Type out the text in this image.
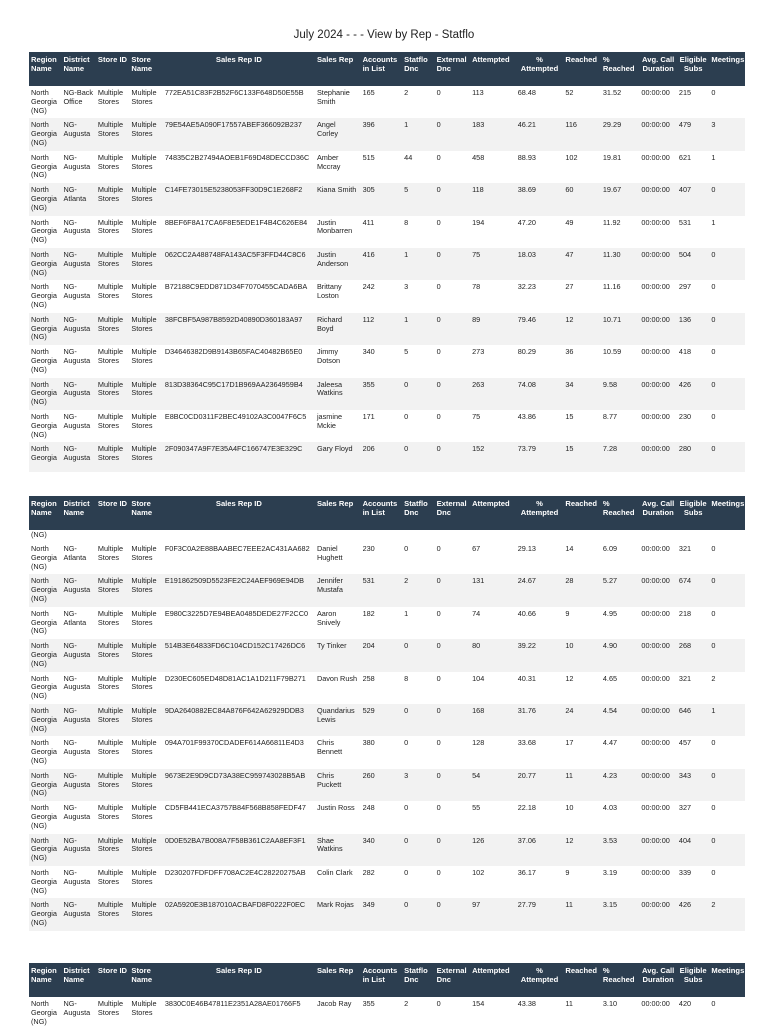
July 2024 - - - View by Rep - Statflo
Region Name	District Name	Store ID	Store Name	Sales Rep ID	Sales Rep	Accounts in List	Statflo Dnc	External Dnc	Attempted	% Attempted	Reached	% Reached	Avg. Call Duration	Eligible Subs	Meetings
North Georgia (NG)	NG-Back Office	Multiple Stores	Multiple Stores	772EA51C83F2B52F6C133F648D50E55B	Stephanie Smith	165	2	0	113	68.48	52	31.52	00:00:00	215	0
North Georgia (NG)	NG-Augusta	Multiple Stores	Multiple Stores	79E54AE5A090F17557ABEF366092B237	Angel Corley	396	1	0	183	46.21	116	29.29	00:00:00	479	3
North Georgia (NG)	NG-Augusta	Multiple Stores	Multiple Stores	74835C2B27494AOEB1F69D48DECCD36C	Amber Mccray	515	44	0	458	88.93	102	19.81	00:00:00	621	1
North Georgia (NG)	NG-Atlanta	Multiple Stores	Multiple Stores	C14FE73015E5238053FF30D9C1E268F2	Kiana Smith	305	5	0	118	38.69	60	19.67	00:00:00	407	0
North Georgia (NG)	NG-Augusta	Multiple Stores	Multiple Stores	8BEF6F8A17CA6F8E5EDE1F4B4C626E84	Justin Monbarren	411	8	0	194	47.20	49	11.92	00:00:00	531	1
North Georgia (NG)	NG-Augusta	Multiple Stores	Multiple Stores	062CC2A488748FA143AC5F3FFD44C8C6	Justin Anderson	416	1	0	75	18.03	47	11.30	00:00:00	504	0
North Georgia (NG)	NG-Augusta	Multiple Stores	Multiple Stores	B72188C9EDD871D34F7070455CADA6BA	Brittany Loston	242	3	0	78	32.23	27	11.16	00:00:00	297	0
North Georgia (NG)	NG-Augusta	Multiple Stores	Multiple Stores	38FCBF5A987B8592D40890D360183A97	Richard Boyd	112	1	0	89	79.46	12	10.71	00:00:00	136	0
North Georgia (NG)	NG-Augusta	Multiple Stores	Multiple Stores	D34646382D9B9143B65FAC40482B65E0	Jimmy Dotson	340	5	0	273	80.29	36	10.59	00:00:00	418	0
North Georgia (NG)	NG-Augusta	Multiple Stores	Multiple Stores	813D38364C95C17D1B969AA2364959B4	Jaleesa Watkins	355	0	0	263	74.08	34	9.58	00:00:00	426	0
North Georgia (NG)	NG-Augusta	Multiple Stores	Multiple Stores	E8BC0CD0311F2BEC49102A3C0047F6C5	jasmine Mckie	171	0	0	75	43.86	15	8.77	00:00:00	230	0
North Georgia	NG-Augusta	Multiple Stores	Multiple Stores	2F090347A9F7E35A4FC166747E3E329C	Gary Floyd	206	0	0	152	73.79	15	7.28	00:00:00	280	0
Region Name	District Name	Store ID	Store Name	Sales Rep ID	Sales Rep	Accounts in List	Statflo Dnc	External Dnc	Attempted	% Attempted	Reached	% Reached	Avg. Call Duration	Eligible Subs	Meetings
(NG)															
North Georgia (NG)	NG-Atlanta	Multiple Stores	Multiple Stores	F0F3C0A2E88BAABEC7EEE2AC431AA682	Daniel Hughett	230	0	0	67	29.13	14	6.09	00:00:00	321	0
North Georgia (NG)	NG-Augusta	Multiple Stores	Multiple Stores	E191862509D5523FE2C24AEF969E94DB	Jennifer Mustafa	531	2	0	131	24.67	28	5.27	00:00:00	674	0
North Georgia (NG)	NG-Atlanta	Multiple Stores	Multiple Stores	E980C3225D7E94BEA0485DEDE27F2CC0	Aaron Snively	182	1	0	74	40.66	9	4.95	00:00:00	218	0
North Georgia (NG)	NG-Augusta	Multiple Stores	Multiple Stores	514B3E64833FD6C104CD152C17426DC6	Ty Tinker	204	0	0	80	39.22	10	4.90	00:00:00	268	0
North Georgia (NG)	NG-Augusta	Multiple Stores	Multiple Stores	D230EC605ED48D81AC1A1D211F79B271	Davon Rush	258	8	0	104	40.31	12	4.65	00:00:00	321	2
North Georgia (NG)	NG-Augusta	Multiple Stores	Multiple Stores	9DA2640882EC84A876F642A62929DDB3	Quandarius Lewis	529	0	0	168	31.76	24	4.54	00:00:00	646	1
North Georgia (NG)	NG-Augusta	Multiple Stores	Multiple Stores	094A701F99370CDADEF614A66811E4D3	Chris Bennett	380	0	0	128	33.68	17	4.47	00:00:00	457	0
North Georgia (NG)	NG-Augusta	Multiple Stores	Multiple Stores	9673E2E9D9CD73A38EC959743028B5AB	Chris Puckett	260	3	0	54	20.77	11	4.23	00:00:00	343	0
North Georgia (NG)	NG-Augusta	Multiple Stores	Multiple Stores	CD5FB441ECA3757B84F568B858FEDF47	Justin Ross	248	0	0	55	22.18	10	4.03	00:00:00	327	0
North Georgia (NG)	NG-Augusta	Multiple Stores	Multiple Stores	0D0E52BA7B008A7F58B361C2AA8EF3F1	Shae Watkins	340	0	0	126	37.06	12	3.53	00:00:00	404	0
North Georgia (NG)	NG-Augusta	Multiple Stores	Multiple Stores	D230207FDFDFF708AC2E4C28220275AB	Colin Clark	282	0	0	102	36.17	9	3.19	00:00:00	339	0
North Georgia (NG)	NG-Augusta	Multiple Stores	Multiple Stores	02A5920E3B187010ACBAFD8F0222F0EC	Mark Rojas	349	0	0	97	27.79	11	3.15	00:00:00	426	2
Region Name	District Name	Store ID	Store Name	Sales Rep ID	Sales Rep	Accounts in List	Statflo Dnc	External Dnc	Attempted	% Attempted	Reached	% Reached	Avg. Call Duration	Eligible Subs	Meetings
North Georgia (NG)	NG-Augusta	Multiple Stores	Multiple Stores	3830C0E46B47811E2351A28AE01766F5	Jacob Ray	355	2	0	154	43.38	11	3.10	00:00:00	420	0
